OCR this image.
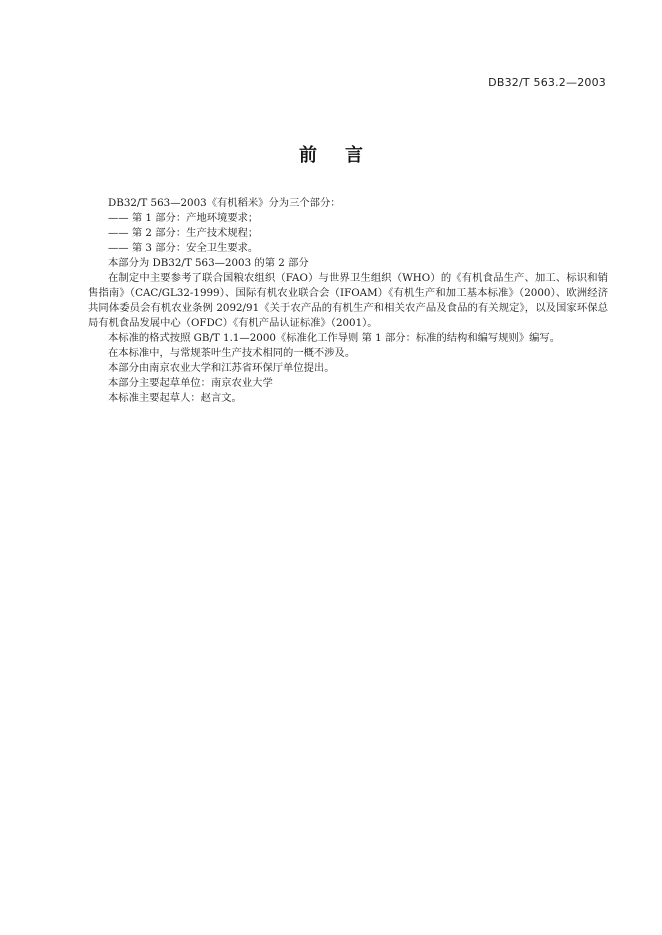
DB32/T 563.2—2003
前言

DB32/T 563—2003《有机稻米》分为三个部分：

—— 第 1 部分：产地环境要求；

—— 第 2 部分：生产技术规程；

—— 第 3 部分：安全卫生要求。

本部分为 DB32/T 563—2003 的第 2 部分

在制定中主要参考了联合国粮农组织（FAO）与世界卫生组织（WHO）的《有机食品生产、加工、标识和销售指南》（CAC/GL32-1999）、国际有机农业联合会（IFOAM）《有机生产和加工基本标准》（2000）、欧洲经济共同体委员会有机农业条例 2092/91《关于农产品的有机生产和相关农产品及食品的有关规定》，以及国家环保总局有机食品发展中心（OFDC）《有机产品认证标准》（2001）。

本标准的格式按照 GB/T 1.1—2000《标准化工作导则 第 1 部分：标准的结构和编写规则》编写。

在本标准中，与常规茶叶生产技术相同的一概不涉及。

本部分由南京农业大学和江苏省环保厅单位提出。

本部分主要起草单位：南京农业大学

本标准主要起草人：赵言文。
